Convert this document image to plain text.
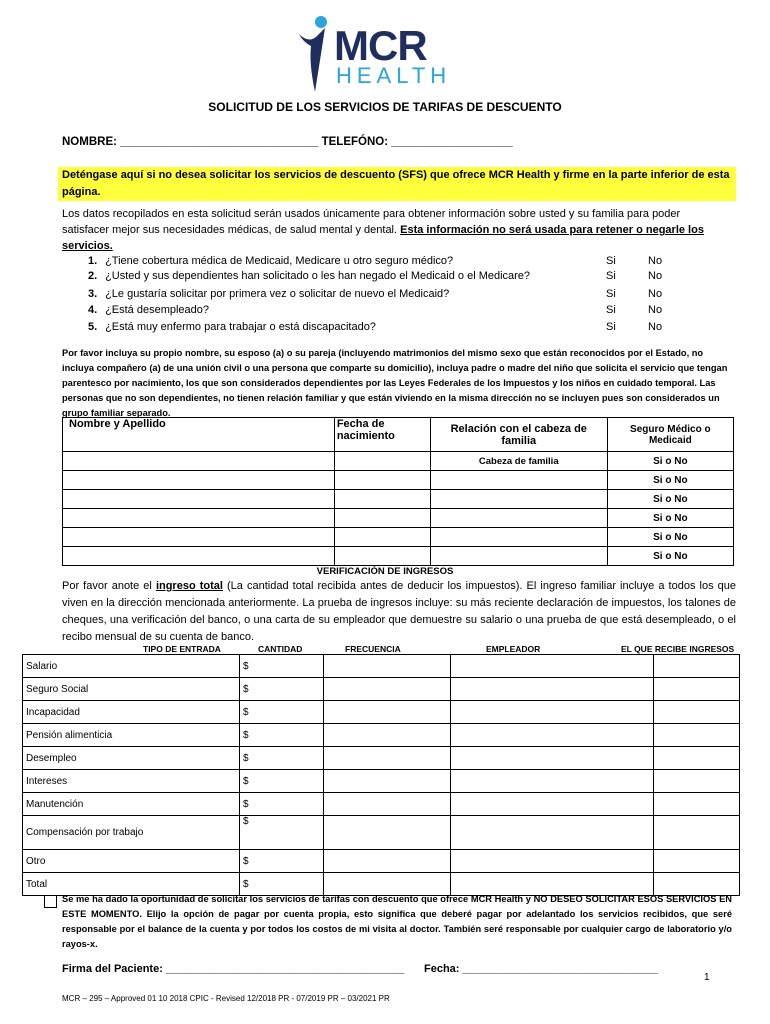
MCR
HEALTH
SOLICITUD DE LOS SERVICIOS DE TARIFAS DE DESCUENTO
NOMBRE: _______________________________ TELEFÓNO: ___________________
Deténgase aquí si no desea solicitar los servicios de descuento (SFS) que ofrece MCR Health y firme en la parte inferior de esta página.
Los datos recopilados en esta solicitud serán usados únicamente para obtener información sobre usted y su familia para poder satisfacer mejor sus necesidades médicas, de salud mental y dental. Esta información no será usada para retener o negarle los servicios.
1. ¿Tiene cobertura médica de Medicaid, Medicare u otro seguro médico?
2. ¿Usted y sus dependientes han solicitado o les han negado el Medicaid o el Medicare?
3. ¿Le gustaría solicitar por primera vez o solicitar de nuevo el Medicaid?
4. ¿Está desempleado?
5. ¿Está muy enfermo para trabajar o está discapacitado?
Si	No
Si	No
Si	No
Si	No
Si	No
Por favor incluya su propio nombre, su esposo (a) o su pareja (incluyendo matrimonios del mismo sexo que están reconocidos por el Estado, no incluya compañero (a) de una unión civil o una persona que comparte su domicilio), incluya padre o madre del niño que solicita el servicio que tengan parentesco por nacimiento, los que son considerados dependientes por las Leyes Federales de los Impuestos y los niños en cuidado temporal. Las personas que no son dependientes, no tienen relación familiar y que están viviendo en la misma dirección no se incluyen pues son considerados un grupo familiar separado.
Nombre y Apellido	Fecha de nacimiento	Relación con el cabeza de familia	Seguro Médico o Medicaid
		Cabeza de familia	Si o No
			Si o No
			Si o No
			Si o No
			Si o No
			Si o No
VERIFICACIÓN DE INGRESOS
Por favor anote el ingreso total (La cantidad total recibida antes de deducir los impuestos). El ingreso familiar incluye a todos los que viven en la dirección mencionada anteriormente. La prueba de ingresos incluye: su más reciente declaración de impuestos, los talones de cheques, una verificación del banco, o una carta de su empleador que demuestre su salario o una prueba de que está desempleado, o el recibo mensual de su cuenta de banco.
TIPO DE ENTRADA	CANTIDAD	FRECUENCIA	EMPLEADOR	EL QUE RECIBE INGRESOS
Salario	$			
Seguro Social	$			
Incapacidad	$			
Pensión alimenticia	$			
Desempleo	$			
Intereses	$			
Manutención	$			
Compensación por trabajo	$			
Otro	$			
Total	$			
Se me ha dado la oportunidad de solicitar los servicios de tarifas con descuento que ofrece MCR Health y NO DESEO SOLICITAR ESOS SERVICIOS EN ESTE MOMENTO. Elijo la opción de pagar por cuenta propia, esto significa que deberé pagar por adelantado los servicios recibidos, que seré responsable por el balance de la cuenta y por todos los costos de mi visita al doctor. También seré responsable por cualquier cargo de laboratorio y/o rayos-x.
Firma del Paciente: _______________________________________ Fecha: ________________________________
1
MCR – 295 – Approved 01 10 2018 CPIC - Revised 12/2018 PR - 07/2019 PR – 03/2021 PR
